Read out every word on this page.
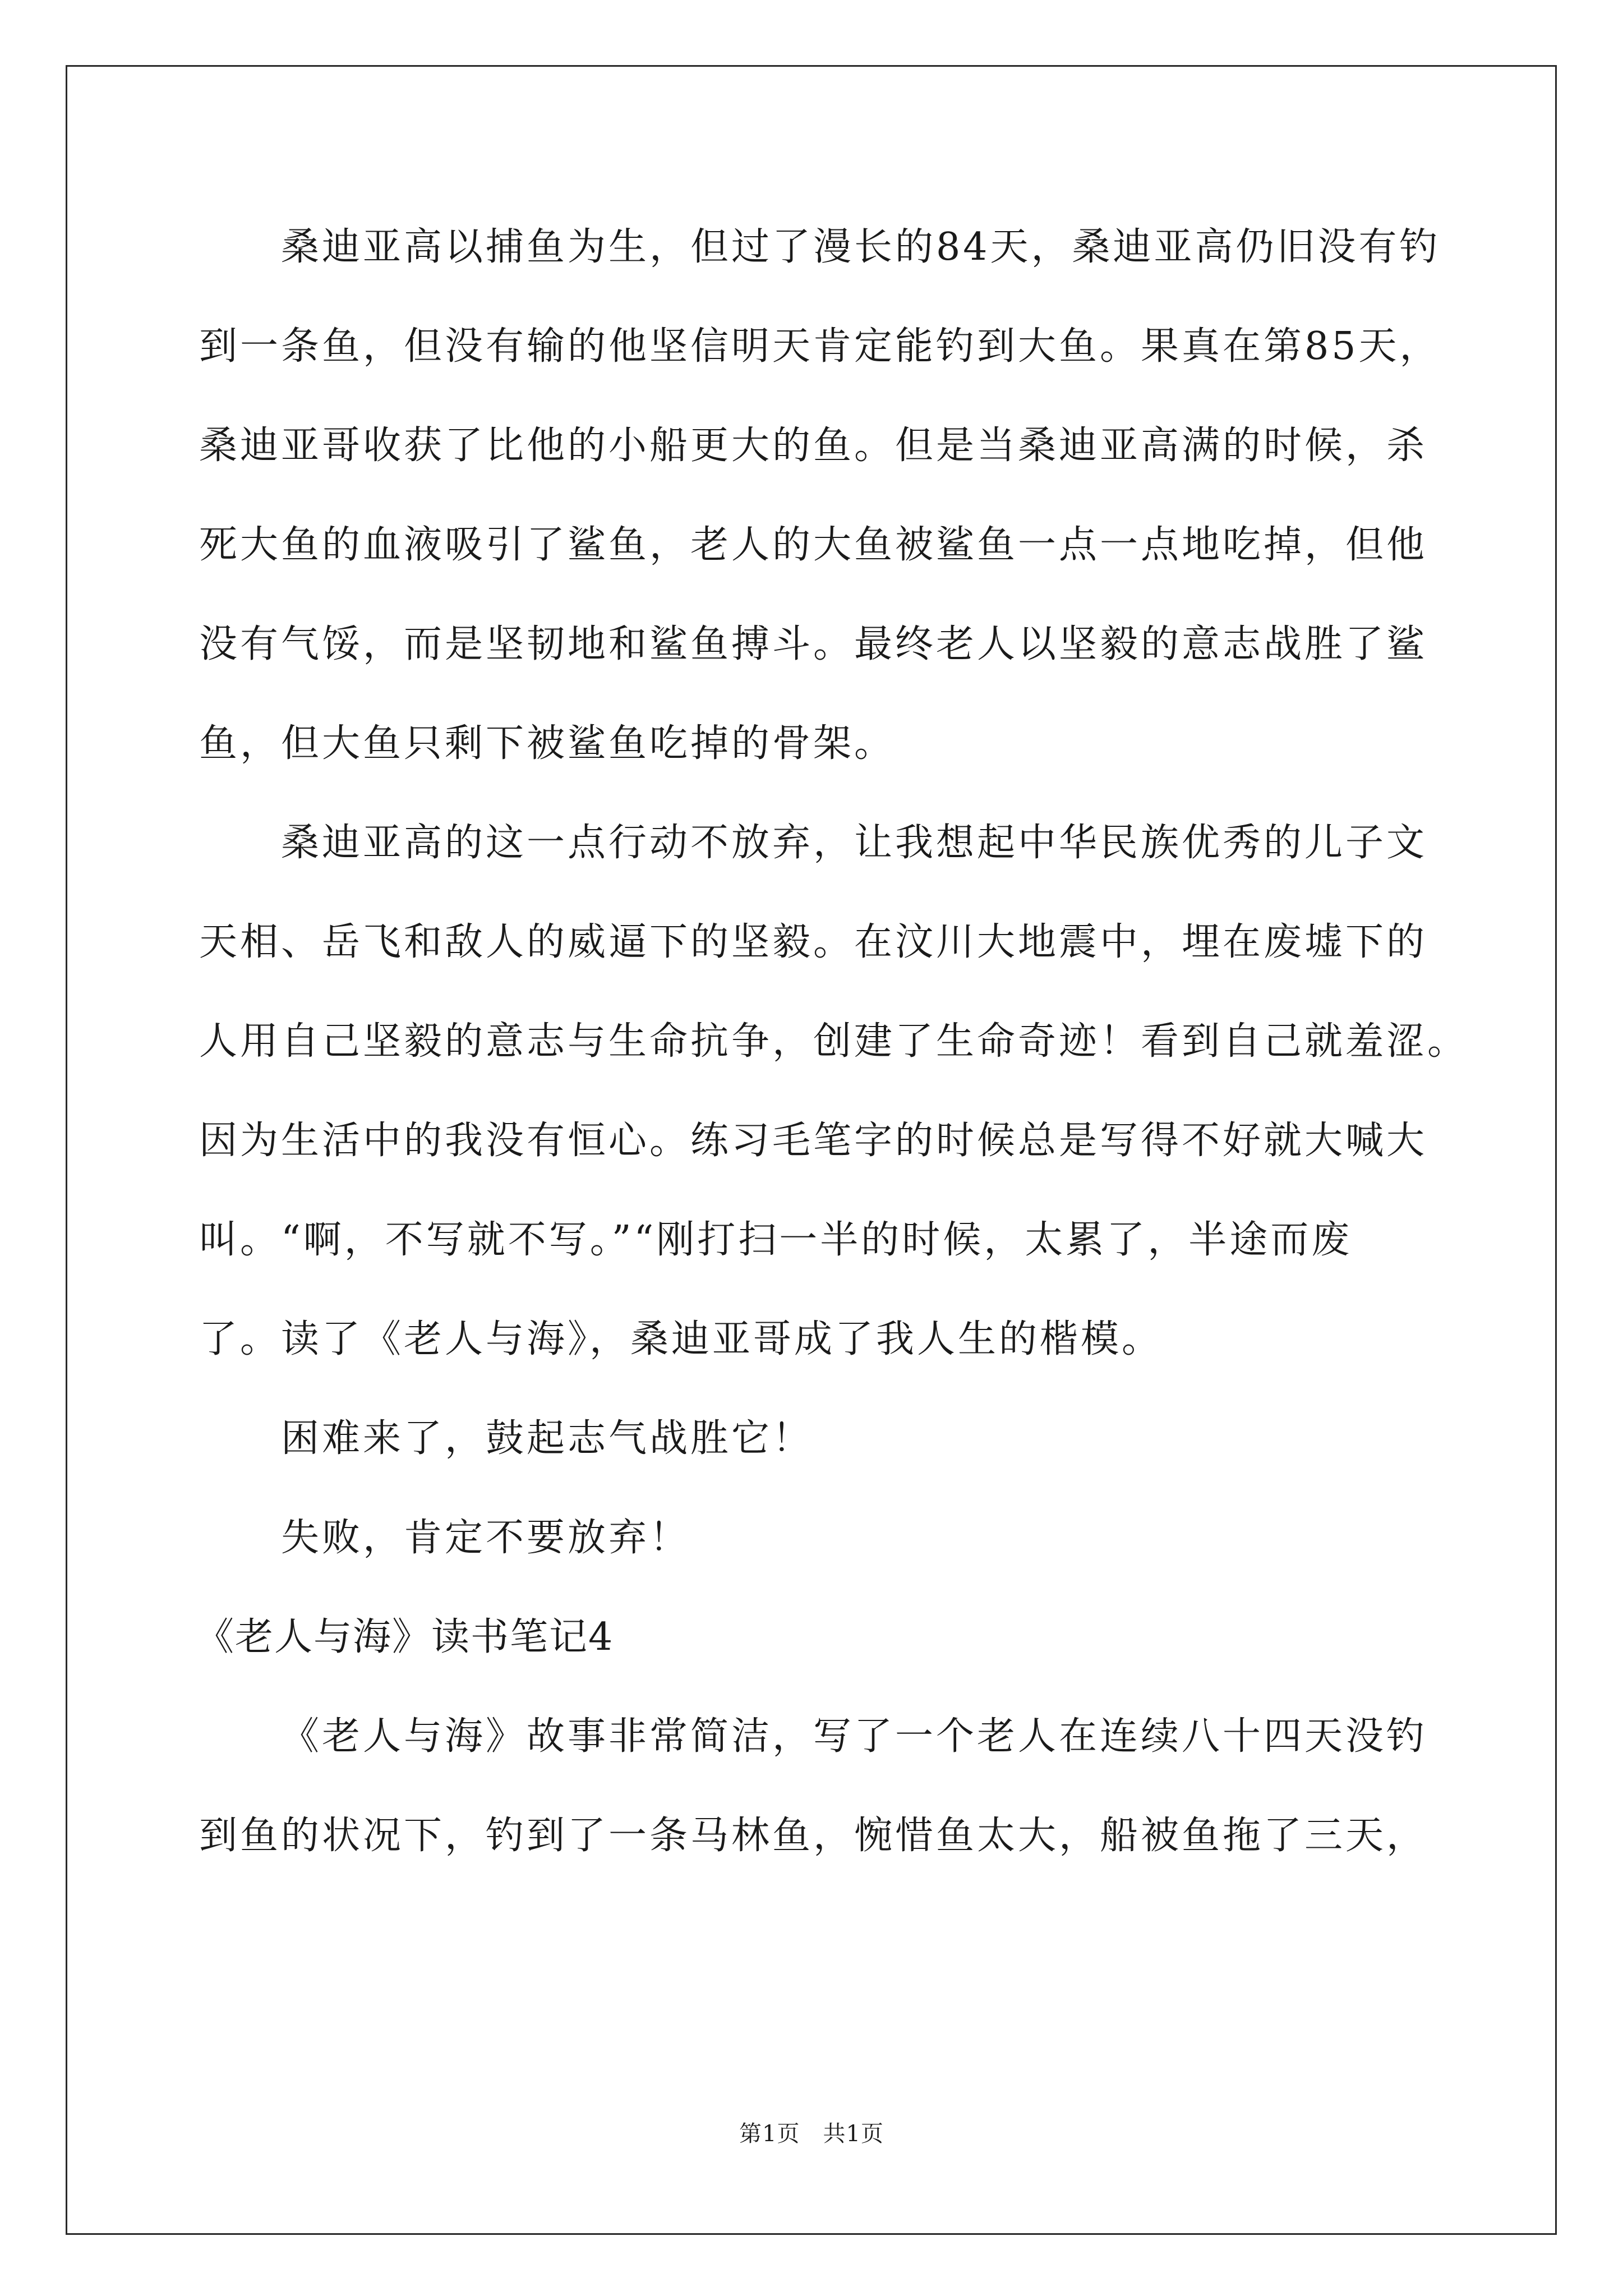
桑迪亚高以捕鱼为生，但过了漫长的84天，桑迪亚高仍旧没有钓
到一条鱼，但没有输的他坚信明天肯定能钓到大鱼。果真在第85天，
桑迪亚哥收获了比他的小船更大的鱼。但是当桑迪亚高满的时候，杀
死大鱼的血液吸引了鲨鱼，老人的大鱼被鲨鱼一点一点地吃掉，但他
没有气馁，而是坚韧地和鲨鱼搏斗。最终老人以坚毅的意志战胜了鲨
鱼，但大鱼只剩下被鲨鱼吃掉的骨架。
桑迪亚高的这一点行动不放弃，让我想起中华民族优秀的儿子文
天相、岳飞和敌人的威逼下的坚毅。在汶川大地震中，埋在废墟下的
人用自己坚毅的意志与生命抗争，创建了生命奇迹！看到自己就羞涩。
因为生活中的我没有恒心。练习毛笔字的时候总是写得不好就大喊大
叫。“啊，不写就不写。”“刚打扫一半的时候，太累了，半途而废
了。读了《老人与海》，桑迪亚哥成了我人生的楷模。
困难来了，鼓起志气战胜它！
失败，肯定不要放弃！
《老人与海》读书笔记4
《老人与海》故事非常简洁，写了一个老人在连续八十四天没钓
到鱼的状况下，钓到了一条马林鱼，惋惜鱼太大，船被鱼拖了三天，
第1页　共1页
